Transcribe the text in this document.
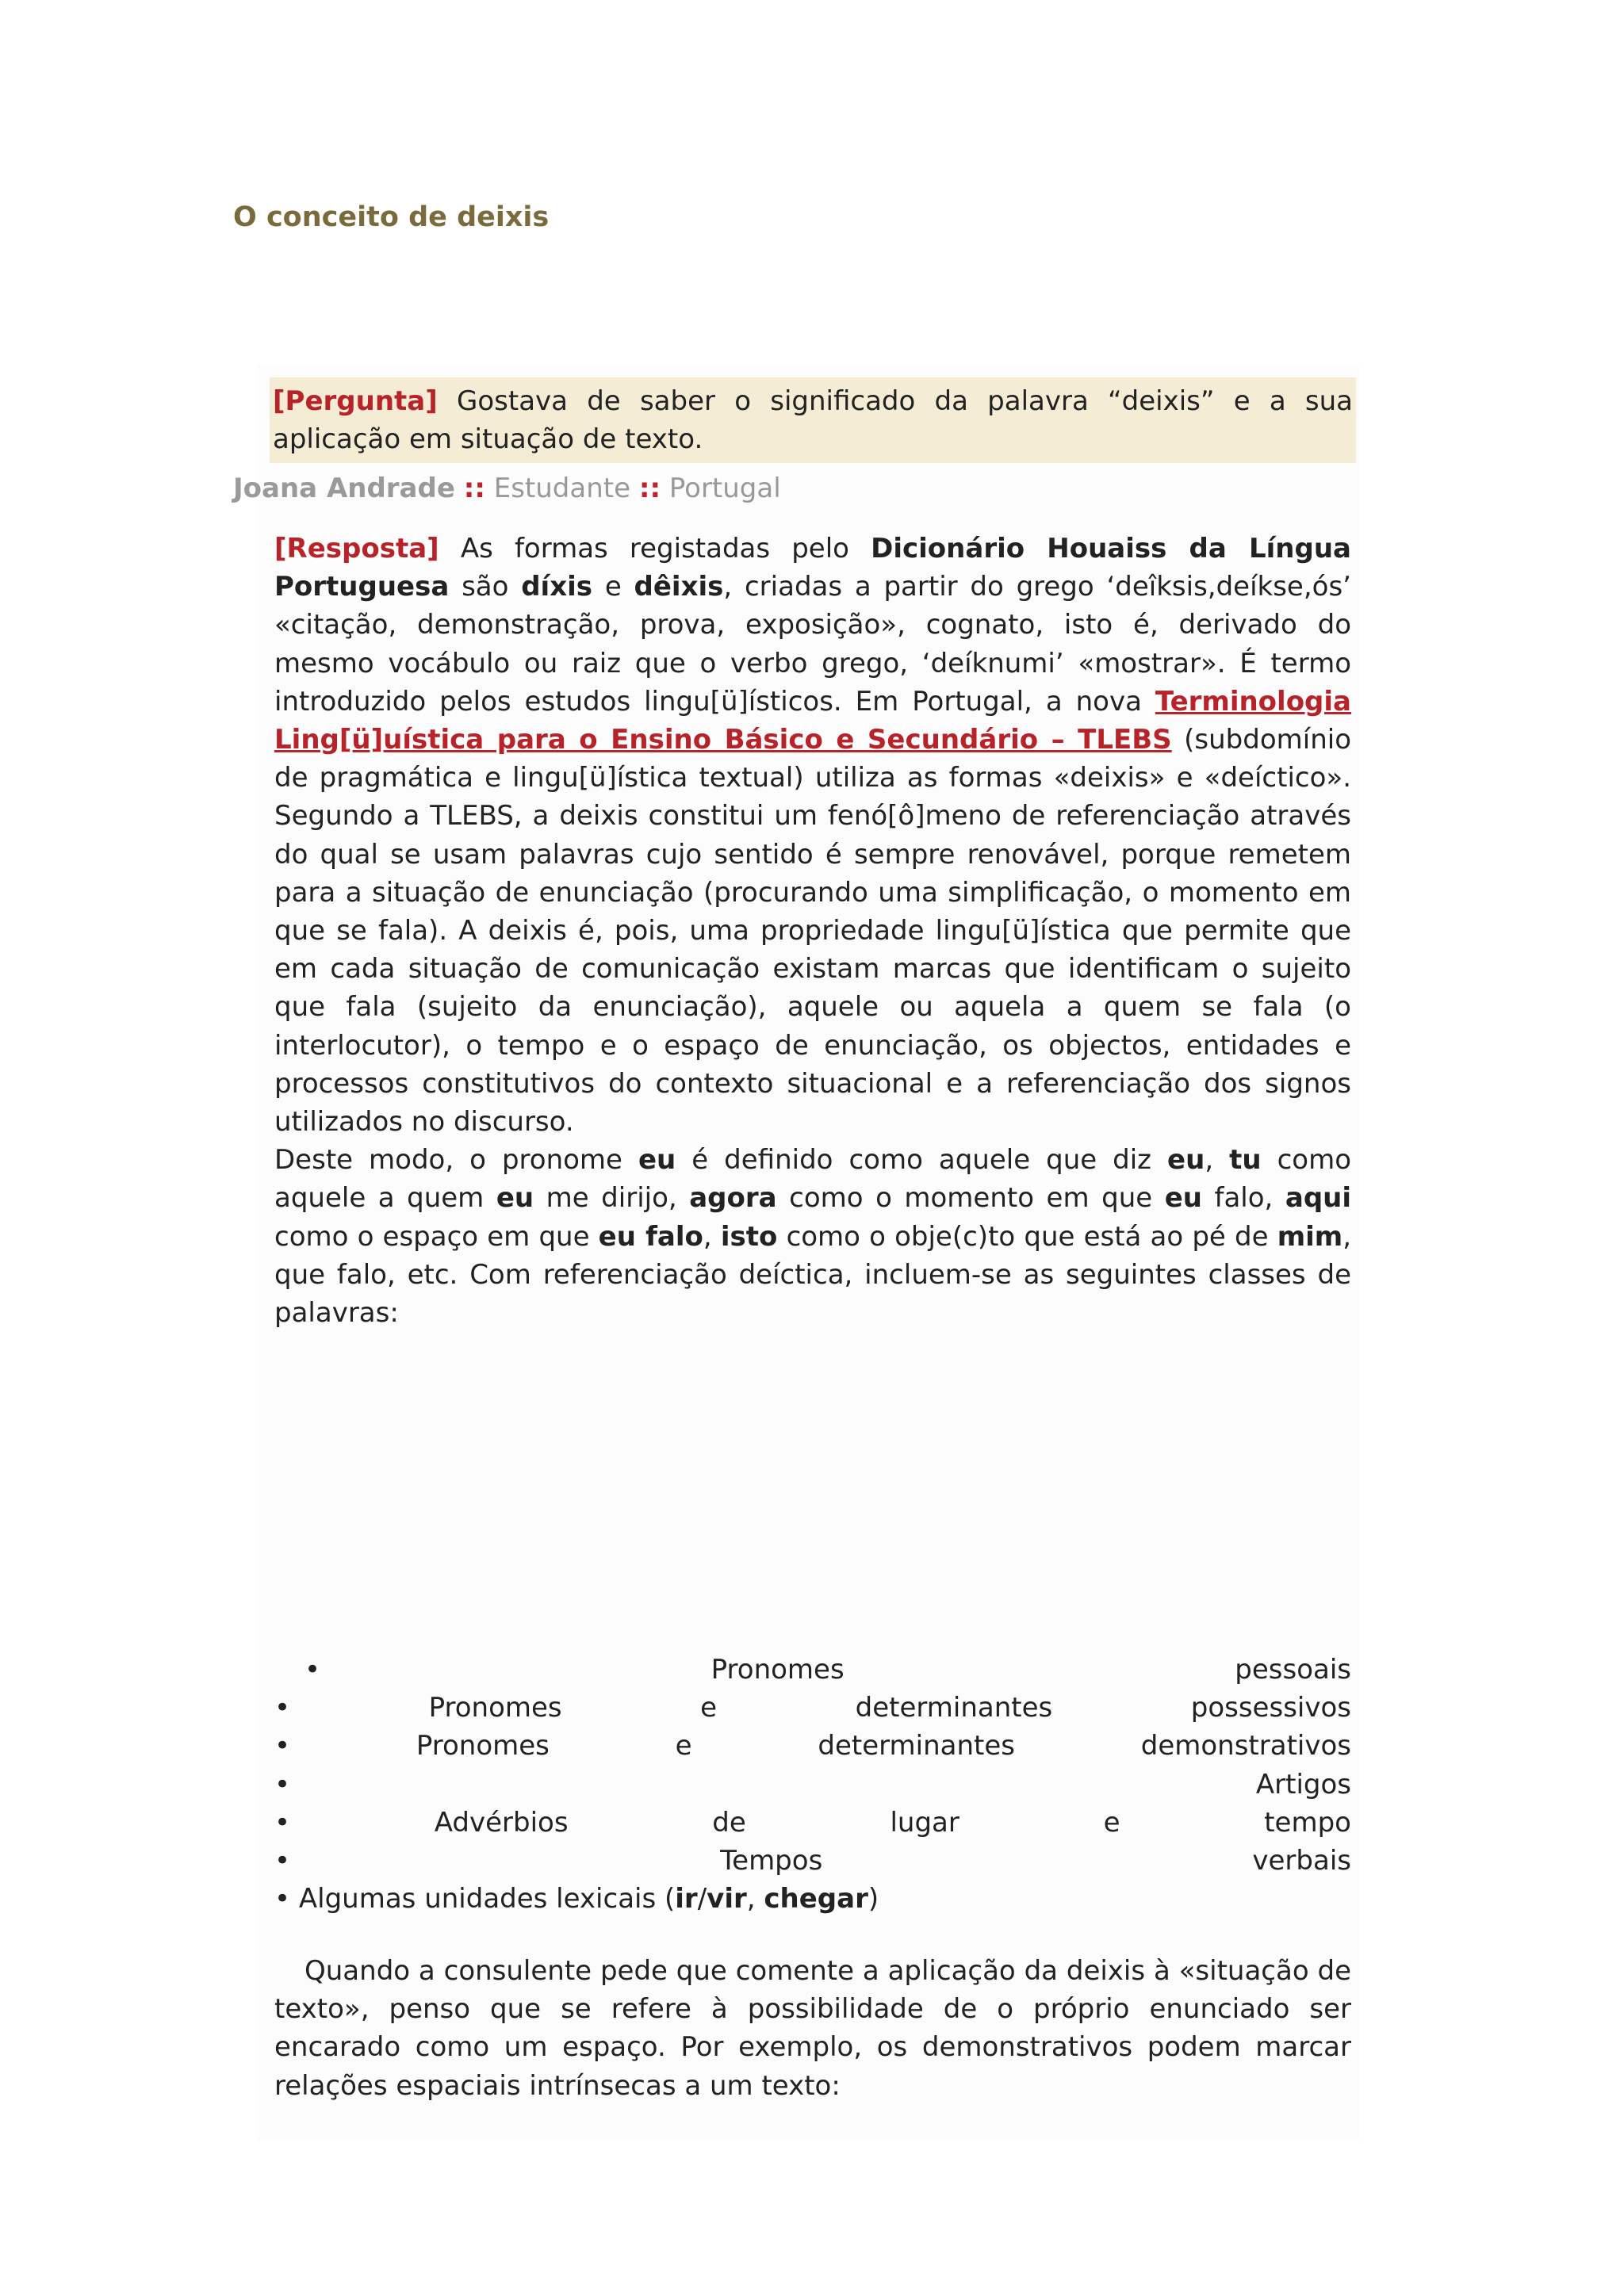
O conceito de deixis
[Pergunta] Gostava de saber o significado da palavra “deixis” e a sua aplicação em situação de texto.
Joana Andrade :: Estudante :: Portugal

[Resposta] As formas registadas pelo Dicionário Houaiss da Língua Portuguesa são díxis e dêixis, criadas a partir do grego ‘deîksis,deíkse,ós’ «citação, demonstração, prova, exposição», cognato, isto é, derivado do mesmo vocábulo ou raiz que o verbo grego, ‘deíknumi’ «mostrar». É termo introduzido pelos estudos lingu[ü]ísticos. Em Portugal, a nova Terminologia Ling[ü]uística para o Ensino Básico e Secundário – TLEBS (subdomínio de pragmática e lingu[ü]ística textual) utiliza as formas «deixis» e «deíctico». Segundo a TLEBS, a deixis constitui um fenó[ô]meno de referenciação através do qual se usam palavras cujo sentido é sempre renovável, porque remetem para a situação de enunciação (procurando uma simplificação, o momento em que se fala). A deixis é, pois, uma propriedade lingu[ü]ística que permite que em cada situação de comunicação existam marcas que identificam o sujeito que fala (sujeito da enunciação), aquele ou aquela a quem se fala (o interlocutor), o tempo e o espaço de enunciação, os objectos, entidades e processos constitutivos do contexto situacional e a referenciação dos signos utilizados no discurso.
Deste modo, o pronome eu é definido como aquele que diz eu, tu como aquele a quem eu me dirijo, agora como o momento em que eu falo, aqui como o espaço em que eu falo, isto como o obje(c)to que está ao pé de mim, que falo, etc. Com referenciação deíctica, incluem-se as seguintes classes de palavras:

•	Pronomes	pessoais
•	Pronomes	e	determinantes	possessivos
•	Pronomes	e	determinantes	demonstrativos
•	Artigos
•	Advérbios	de	lugar	e	tempo
•	Tempos	verbais
•
Algumas unidades lexicais ( ir / vir ,
chegar )

Quando a consulente pede que comente a aplicação da deixis à «situação de texto», penso que se refere à possibilidade de o próprio enunciado ser encarado como um espaço. Por exemplo, os demonstrativos podem marcar relações espaciais intrínsecas a um texto:
